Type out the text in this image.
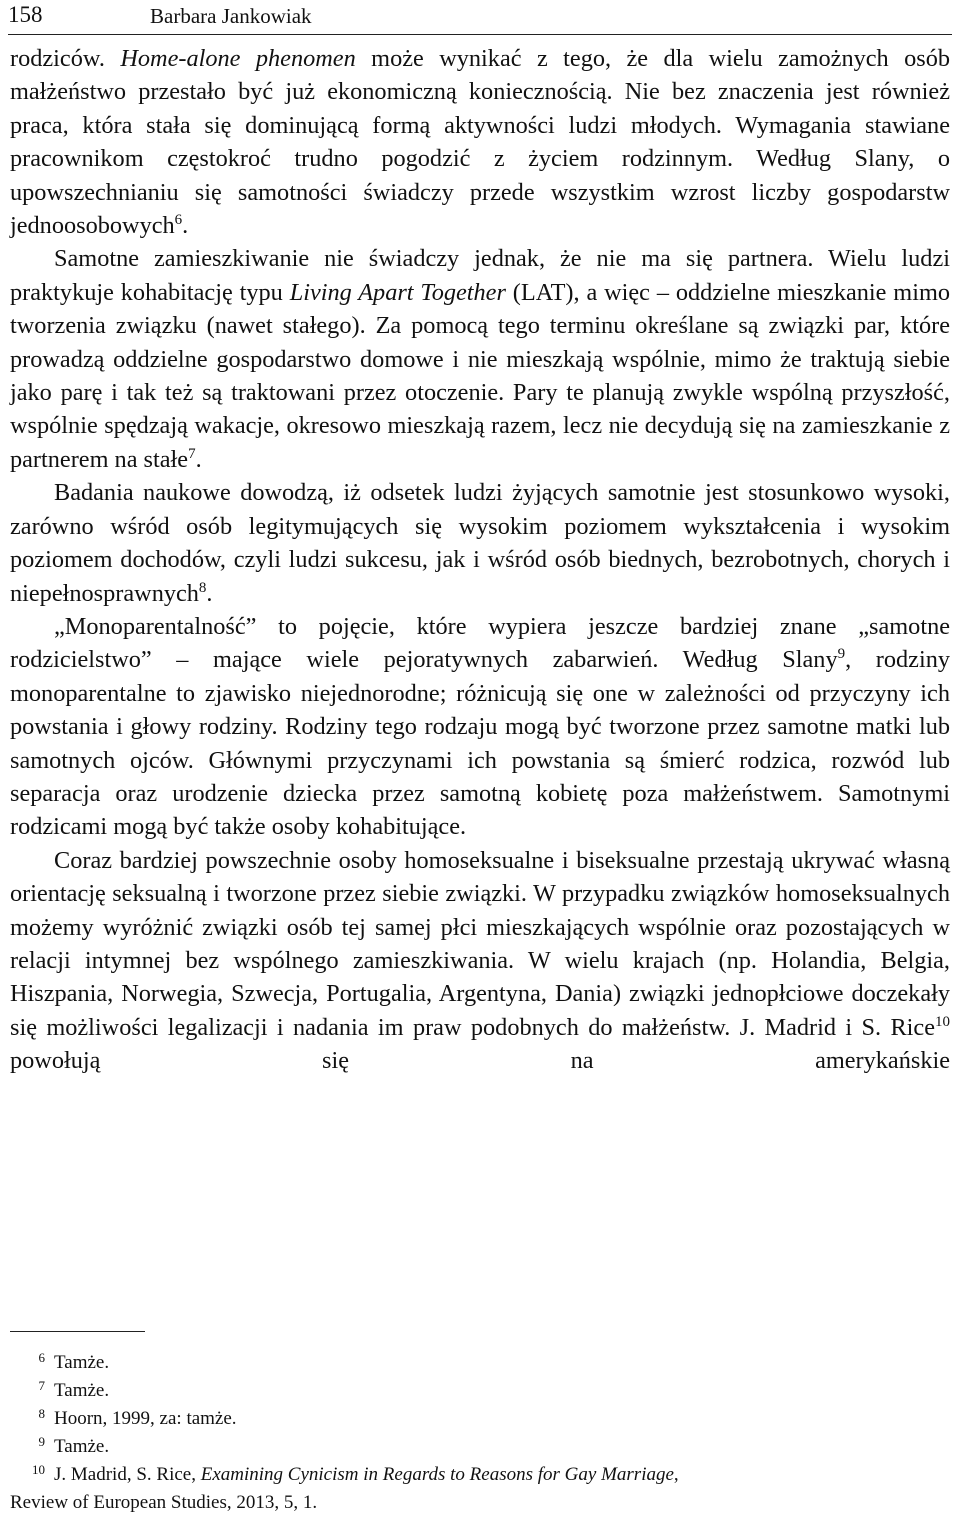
158	Barbara Jankowiak

rodziców. Home-alone phenomen może wynikać z tego, że dla wielu zamożnych osób małżeństwo przestało być już ekonomiczną koniecznością. Nie bez znaczenia jest również praca, która stała się dominującą formą aktywności ludzi młodych. Wymagania stawiane pracownikom częstokroć trudno pogodzić z życiem rodzinnym. Według Slany, o upowszechnianiu się samotności świadczy przede wszystkim wzrost liczby gospodarstw jednoosobowych$^6$.

Samotne zamieszkiwanie nie świadczy jednak, że nie ma się partnera. Wielu ludzi praktykuje kohabitację typu Living Apart Together (LAT), a więc – oddzielne mieszkanie mimo tworzenia związku (nawet stałego). Za pomocą tego terminu określane są związki par, które prowadzą oddzielne gospodarstwo domowe i nie mieszkają wspólnie, mimo że traktują siebie jako parę i tak też są traktowani przez otoczenie. Pary te planują zwykle wspólną przyszłość, wspólnie spędzają wakacje, okresowo mieszkają razem, lecz nie decydują się na zamieszkanie z partnerem na stałe$^7$.

Badania naukowe dowodzą, iż odsetek ludzi żyjących samotnie jest stosunkowo wysoki, zarówno wśród osób legitymujących się wysokim poziomem wykształcenia i wysokim poziomem dochodów, czyli ludzi sukcesu, jak i wśród osób biednych, bezrobotnych, chorych i niepełnosprawnych$^8$.

„Monoparentalność” to pojęcie, które wypiera jeszcze bardziej znane „samotne rodzicielstwo” – mające wiele pejoratywnych zabarwień. Według Slany$^9$, rodziny monoparentalne to zjawisko niejednorodne; różnicują się one w zależności od przyczyny ich powstania i głowy rodziny. Rodziny tego rodzaju mogą być tworzone przez samotne matki lub samotnych ojców. Głównymi przyczynami ich powstania są śmierć rodzica, rozwód lub separacja oraz urodzenie dziecka przez samotną kobietę poza małżeństwem. Samotnymi rodzicami mogą być także osoby kohabitujące.

Coraz bardziej powszechnie osoby homoseksualne i biseksualne przestają ukrywać własną orientację seksualną i tworzone przez siebie związki. W przypadku związków homoseksualnych możemy wyróżnić związki osób tej samej płci mieszkających wspólnie oraz pozostających w relacji intymnej bez wspólnego zamieszkiwania. W wielu krajach (np. Holandia, Belgia, Hiszpania, Norwegia, Szwecja, Portugalia, Argentyna, Dania) związki jednopłciowe doczekały się możliwości legalizacji i nadania im praw podobnych do małżeństw. J. Madrid i S. Rice$^{10}$ powołują się na amerykańskie

$^6$ Tamże.

$^7$ Tamże.

$^8$ Hoorn, 1999, za: tamże.

$^9$ Tamże.

$^{10}$ J. Madrid, S. Rice, Examining Cynicism in Regards to Reasons for Gay Marriage,
Review of European Studies, 2013, 5, 1.
